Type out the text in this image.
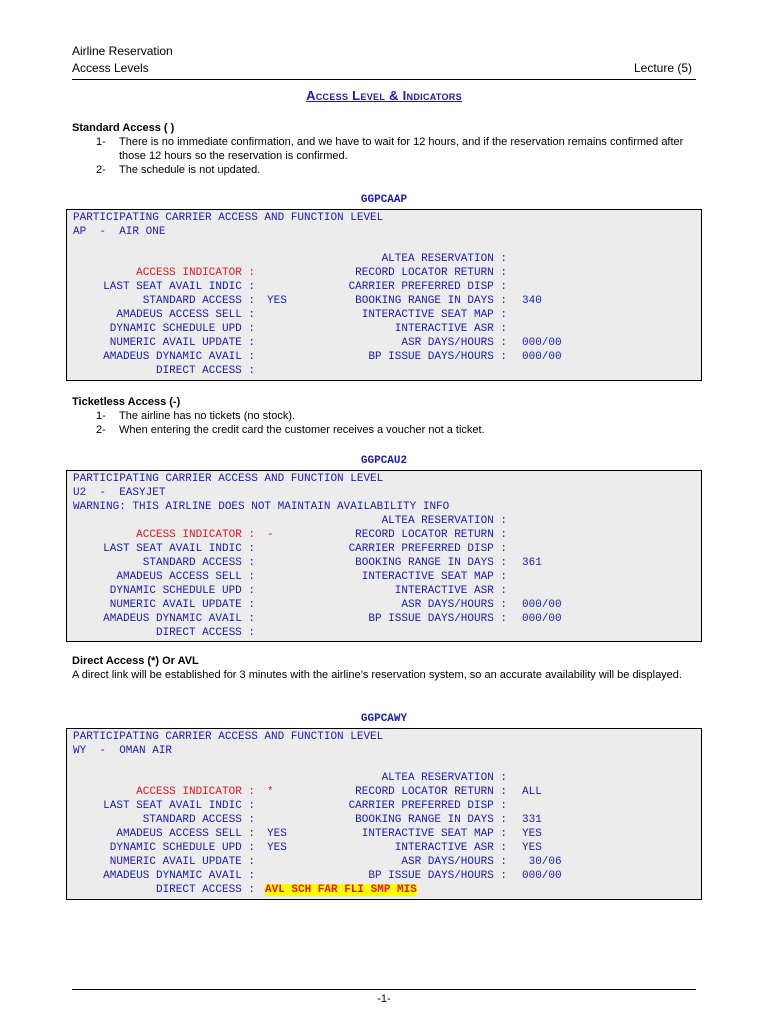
Airline Reservation
Access Levels	Lecture (5)
Access Level & Indicators
Standard Access ( )
1- There is no immediate confirmation, and we have to wait for 12 hours, and if the reservation remains confirmed after those 12 hours so the reservation is confirmed.
2- The schedule is not updated.
GGPCAAP
PARTICIPATING CARRIER ACCESS AND FUNCTION LEVEL
AP  -  AIR ONE
ACCESS INDICATOR :
LAST SEAT AVAIL INDIC :
STANDARD ACCESS :
AMADEUS ACCESS SELL :
DYNAMIC SCHEDULE UPD :
NUMERIC AVAIL UPDATE :
AMADEUS DYNAMIC AVAIL :
DIRECT ACCESS :
YES
ALTEA RESERVATION :
RECORD LOCATOR RETURN :
CARRIER PREFERRED DISP :
BOOKING RANGE IN DAYS :
INTERACTIVE SEAT MAP :
INTERACTIVE ASR :
ASR DAYS/HOURS :
BP ISSUE DAYS/HOURS :
340
000/00
000/00
Ticketless Access (-)
1- The airline has no tickets (no stock).
2- When entering the credit card the customer receives a voucher not a ticket.
GGPCAU2
PARTICIPATING CARRIER ACCESS AND FUNCTION LEVEL
U2  -  EASYJET
WARNING: THIS AIRLINE DOES NOT MAINTAIN AVAILABILITY INFO
ACCESS INDICATOR : -
LAST SEAT AVAIL INDIC :
STANDARD ACCESS :
AMADEUS ACCESS SELL :
DYNAMIC SCHEDULE UPD :
NUMERIC AVAIL UPDATE :
AMADEUS DYNAMIC AVAIL :
DIRECT ACCESS :
ALTEA RESERVATION :
RECORD LOCATOR RETURN :
CARRIER PREFERRED DISP :
BOOKING RANGE IN DAYS :
INTERACTIVE SEAT MAP :
INTERACTIVE ASR :
ASR DAYS/HOURS :
BP ISSUE DAYS/HOURS :
361
000/00
000/00
Direct Access (*) Or AVL
A direct link will be established for 3 minutes with the airline’s reservation system, so an accurate availability will be displayed.
GGPCAWY
PARTICIPATING CARRIER ACCESS AND FUNCTION LEVEL
WY  -  OMAN AIR
ACCESS INDICATOR : *
LAST SEAT AVAIL INDIC :
STANDARD ACCESS :
AMADEUS ACCESS SELL :
DYNAMIC SCHEDULE UPD :
NUMERIC AVAIL UPDATE :
AMADEUS DYNAMIC AVAIL :
DIRECT ACCESS :
YES
YES
AVL SCH FAR FLI SMP MIS
ALTEA RESERVATION :
RECORD LOCATOR RETURN :
CARRIER PREFERRED DISP :
BOOKING RANGE IN DAYS :
INTERACTIVE SEAT MAP :
INTERACTIVE ASR :
ASR DAYS/HOURS :
BP ISSUE DAYS/HOURS :
ALL
331
YES
YES
30/06
000/00
-1-
